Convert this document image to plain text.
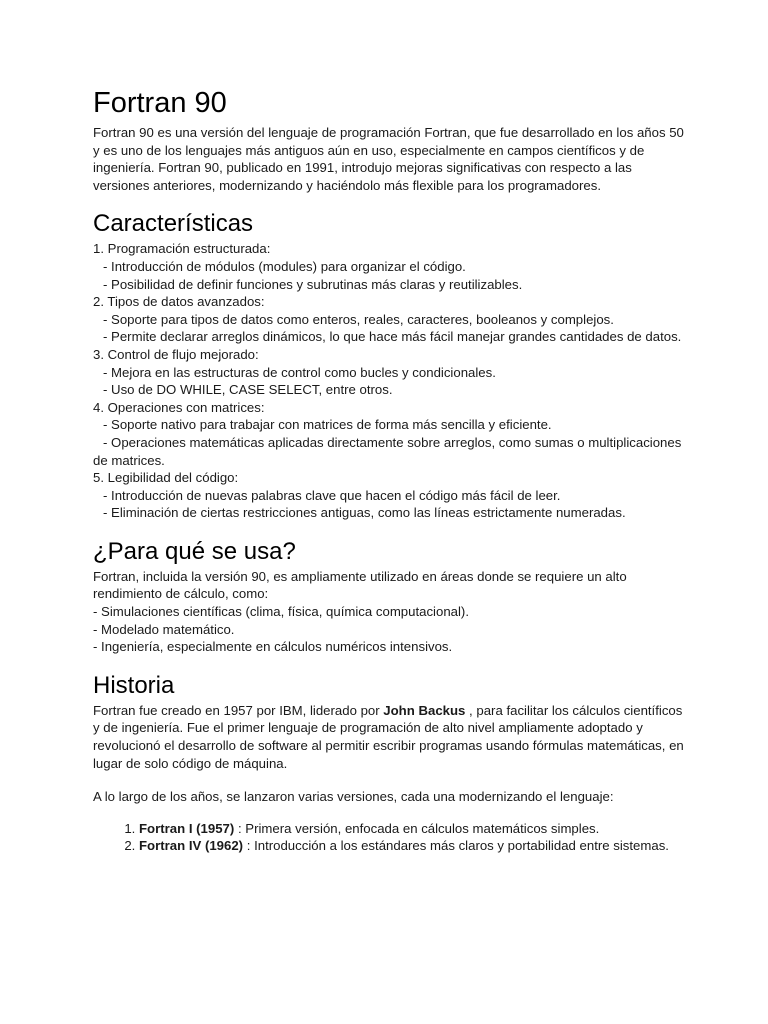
Fortran 90

Fortran 90 es una versión del lenguaje de programación Fortran, que fue desarrollado en los años 50 y es uno de los lenguajes más antiguos aún en uso, especialmente en campos científicos y de ingeniería. Fortran 90, publicado en 1991, introdujo mejoras significativas con respecto a las versiones anteriores, modernizando y haciéndolo más flexible para los programadores.

Características
1. Programación estructurada:
- Introducción de módulos (modules) para organizar el código.
- Posibilidad de definir funciones y subrutinas más claras y reutilizables.
2. Tipos de datos avanzados:
- Soporte para tipos de datos como enteros, reales, caracteres, booleanos y complejos.
- Permite declarar arreglos dinámicos, lo que hace más fácil manejar grandes cantidades de datos.
3. Control de flujo mejorado:
- Mejora en las estructuras de control como bucles y condicionales.
- Uso de DO WHILE, CASE SELECT, entre otros.
4. Operaciones con matrices:
- Soporte nativo para trabajar con matrices de forma más sencilla y eficiente.
- Operaciones matemáticas aplicadas directamente sobre arreglos, como sumas o multiplicaciones de matrices.
5. Legibilidad del código:
- Introducción de nuevas palabras clave que hacen el código más fácil de leer.
- Eliminación de ciertas restricciones antiguas, como las líneas estrictamente numeradas.
¿Para qué se usa?
Fortran, incluida la versión 90, es ampliamente utilizado en áreas donde se requiere un alto rendimiento de cálculo, como:
- Simulaciones científicas (clima, física, química computacional).
- Modelado matemático.
- Ingeniería, especialmente en cálculos numéricos intensivos.
Historia

Fortran fue creado en 1957 por IBM, liderado por John Backus , para facilitar los cálculos científicos y de ingeniería. Fue el primer lenguaje de programación de alto nivel ampliamente adoptado y revolucionó el desarrollo de software al permitir escribir programas usando fórmulas matemáticas, en lugar de solo código de máquina.

A lo largo de los años, se lanzaron varias versiones, cada una modernizando el lenguaje:

1. Fortran I (1957) : Primera versión, enfocada en cálculos matemáticos simples.
2. Fortran IV (1962) : Introducción a los estándares más claros y portabilidad entre sistemas.
